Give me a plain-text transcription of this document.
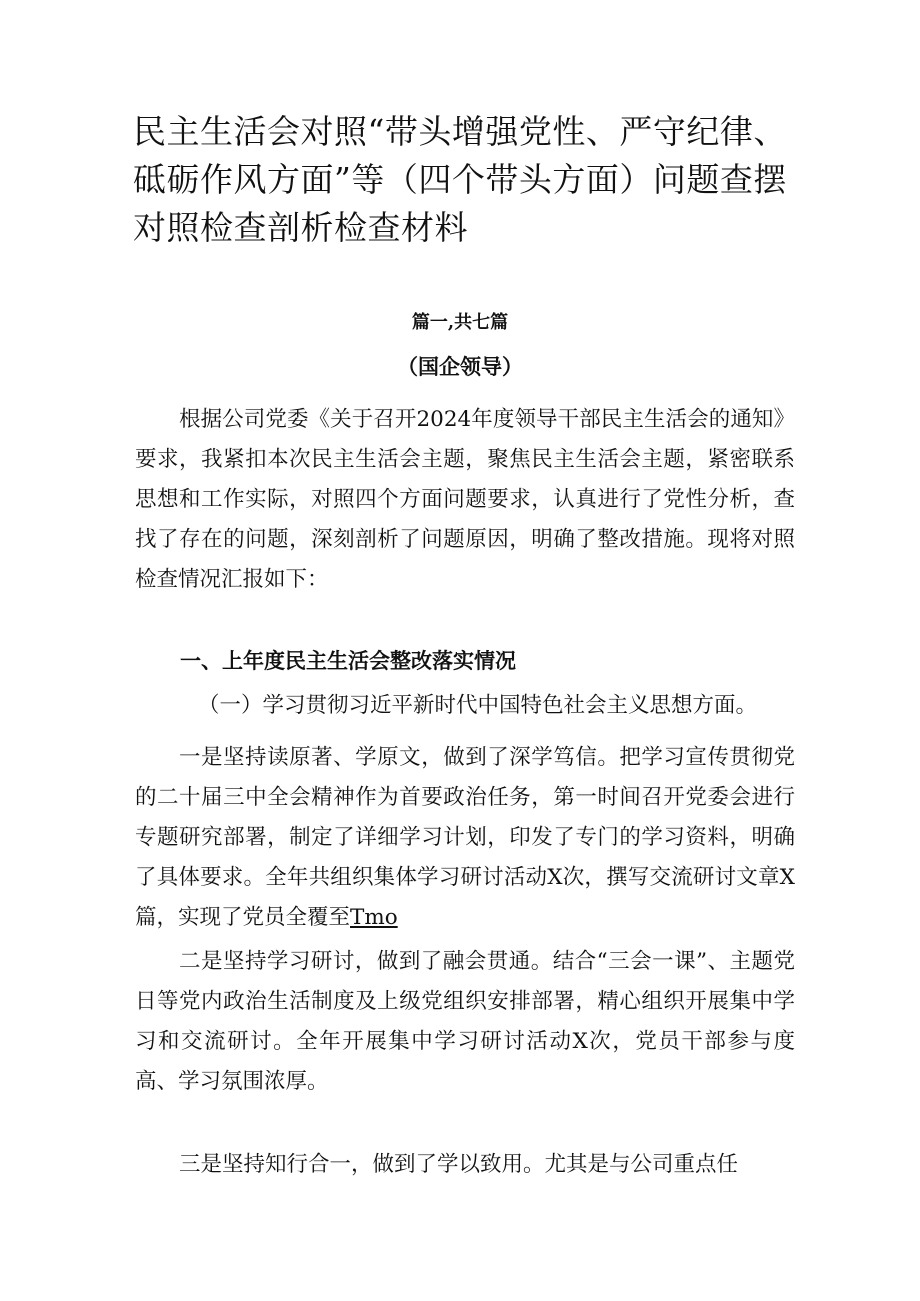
民主生活会对照“带头增强党性、严守纪律、砥砺作风方面”等（四个带头方面）问题查摆对照检查剖析检查材料
篇一,共七篇
（国企领导）

根据公司党委《关于召开2024年度领导干部民主生活会的通知》要求，我紧扣本次民主生活会主题，聚焦民主生活会主题，紧密联系思想和工作实际，对照四个方面问题要求，认真进行了党性分析，查找了存在的问题，深刻剖析了问题原因，明确了整改措施。现将对照检查情况汇报如下：

一、上年度民主生活会整改落实情况
（一）学习贯彻习近平新时代中国特色社会主义思想方面。

一是坚持读原著、学原文，做到了深学笃信。把学习宣传贯彻党的二十届三中全会精神作为首要政治任务，第一时间召开党委会进行专题研究部署，制定了详细学习计划，印发了专门的学习资料，明确了具体要求。全年共组织集体学习研讨活动X次，撰写交流研讨文章X篇，实现了党员全覆至Tmo

二是坚持学习研讨，做到了融会贯通。结合“三会一课”、主题党日等党内政治生活制度及上级党组织安排部署，精心组织开展集中学习和交流研讨。全年开展集中学习研讨活动X次，党员干部参与度高、学习氛围浓厚。

三是坚持知行合一，做到了学以致用。尤其是与公司重点任
